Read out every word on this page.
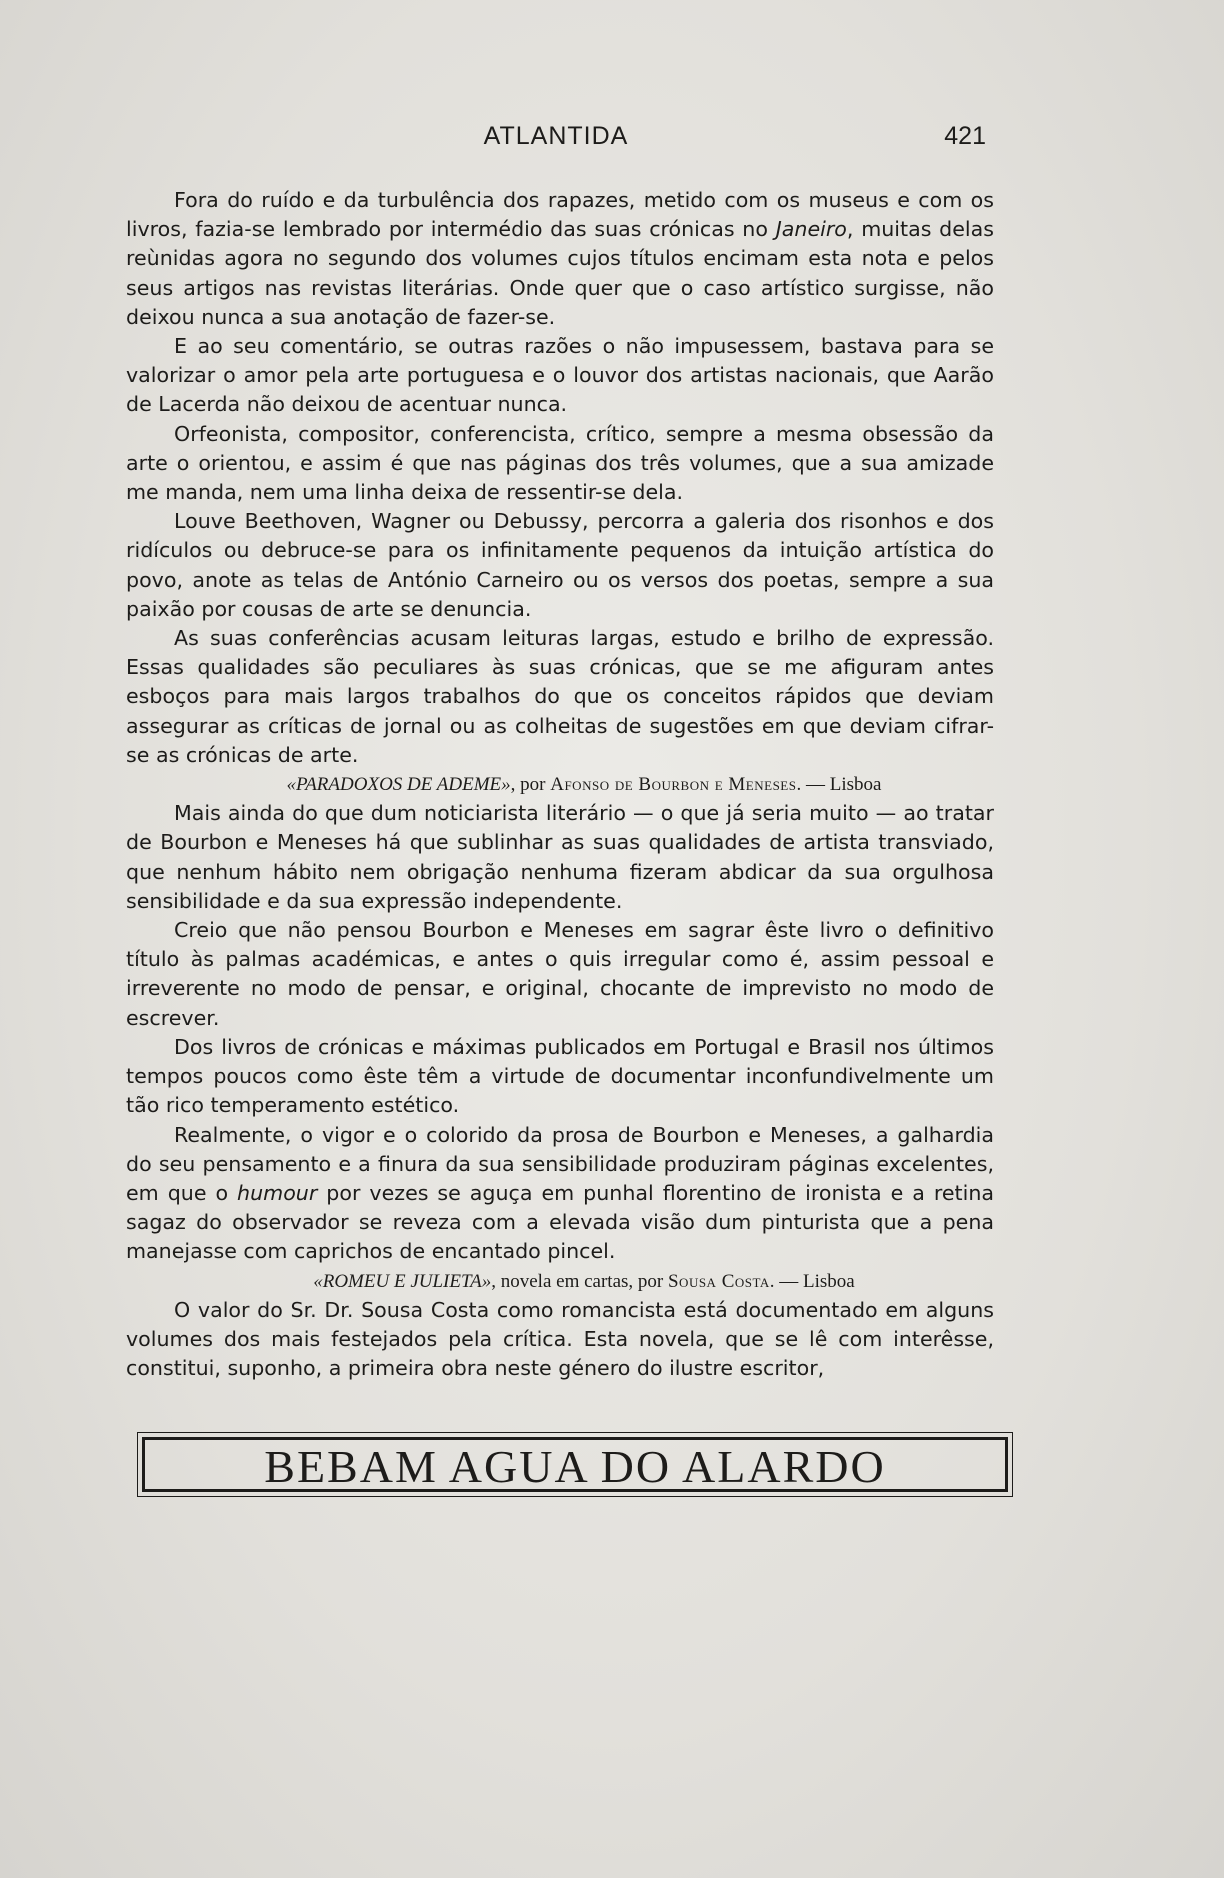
ATLANTIDA	421

Fora do ruído e da turbulência dos rapazes, metido com os museus e com os livros, fazia-se lembrado por intermédio das suas crónicas no Janeiro, muitas delas reùnidas agora no segundo dos volumes cujos títulos encimam esta nota e pelos seus artigos nas revistas literárias. Onde quer que o caso artístico surgisse, não deixou nunca a sua anotação de fazer-se.

E ao seu comentário, se outras razões o não impusessem, bastava para se valorizar o amor pela arte portuguesa e o louvor dos artistas nacionais, que Aarão de Lacerda não deixou de acentuar nunca.

Orfeonista, compositor, conferencista, crítico, sempre a mesma obsessão da arte o orientou, e assim é que nas páginas dos três volumes, que a sua amizade me manda, nem uma linha deixa de ressentir-se dela.

Louve Beethoven, Wagner ou Debussy, percorra a galeria dos risonhos e dos ridículos ou debruce-se para os infinitamente pequenos da intuição artística do povo, anote as telas de António Carneiro ou os versos dos poetas, sempre a sua paixão por cousas de arte se denuncia.

As suas conferências acusam leituras largas, estudo e brilho de expressão. Essas qualidades são peculiares às suas crónicas, que se me afiguram antes esboços para mais largos trabalhos do que os conceitos rápidos que deviam assegurar as críticas de jornal ou as colheitas de sugestões em que deviam cifrar-se as crónicas de arte.

«PARADOXOS DE ADEME», por Afonso de Bourbon e Meneses. — Lisboa

Mais ainda do que dum noticiarista literário — o que já seria muito — ao tratar de Bourbon e Meneses há que sublinhar as suas qualidades de artista transviado, que nenhum hábito nem obrigação nenhuma fizeram abdicar da sua orgulhosa sensibilidade e da sua expressão independente.

Creio que não pensou Bourbon e Meneses em sagrar êste livro o definitivo título às palmas académicas, e antes o quis irregular como é, assim pessoal e irreverente no modo de pensar, e original, chocante de imprevisto no modo de escrever.

Dos livros de crónicas e máximas publicados em Portugal e Brasil nos últimos tempos poucos como êste têm a virtude de documentar inconfundivelmente um tão rico temperamento estético.

Realmente, o vigor e o colorido da prosa de Bourbon e Meneses, a galhardia do seu pensamento e a finura da sua sensibilidade produziram páginas excelentes, em que o humour por vezes se aguça em punhal florentino de ironista e a retina sagaz do observador se reveza com a elevada visão dum pinturista que a pena manejasse com caprichos de encantado pincel.

«ROMEU E JULIETA», novela em cartas, por Sousa Costa. — Lisboa

O valor do Sr. Dr. Sousa Costa como romancista está documentado em alguns volumes dos mais festejados pela crítica. Esta novela, que se lê com interêsse, constitui, suponho, a primeira obra neste género do ilustre escritor,

BEBAM AGUA DO ALARDO
